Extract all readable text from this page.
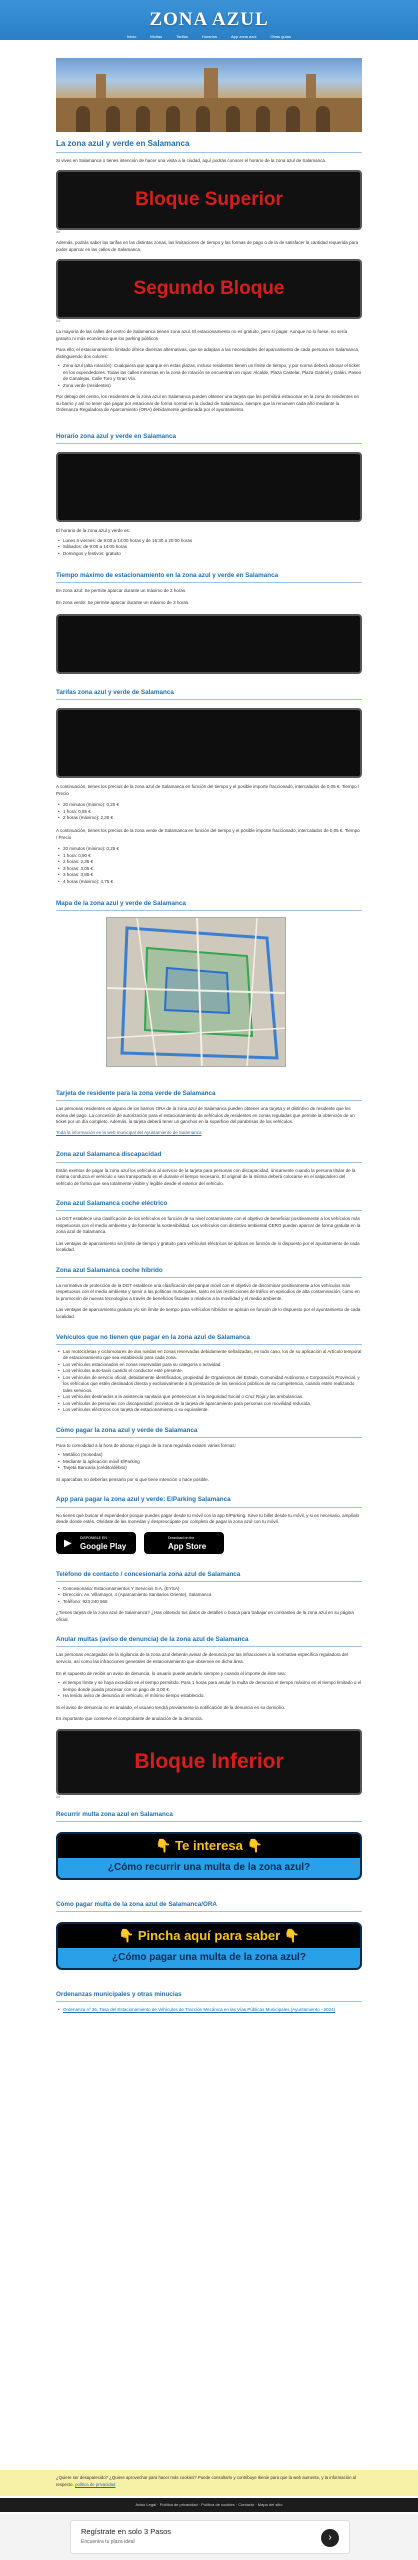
ZONA AZUL
Inicio	Multas	Tarifas	Horarios	App zona azul	Otras guías
La zona azul y verde en Salamanca

Si vives en Salamanca o tienes intención de hacer una visita a la ciudad, aquí podrás conocer el horario de la zona azul de Salamanca.

Bloque Superior
Ad

Además, podrás saber las tarifas en las distintas zonas, las limitaciones de tiempo y las formas de pago o de la de satisfacer la cantidad requerida para poder aparcar en las calles de Salamanca.

Segundo Bloque
Ad

La mayoría de las calles del centro de Salamanca tienen zona azul. El estacionamiento no es gratuito, pero sí pagar. Aunque no lo fuese, no sería gratuito ni más económico que los parking públicos.

Para ello, el estacionamiento limitado ofrece diversas alternativas, que se adaptan a las necesidades del aparcamiento de cada persona en Salamanca, distinguiendo dos colores:

• Zona azul (alta rotación): Cualquiera que aparque en estas plazas, incluso residentes tienen un límite de tiempo, y por norma deberá abonar el ticket en los expendedores. Todas las calles inmersas en la zona de rotación se encuentran en rojas: Alcalde, Plaza Castelar, Plaza Gabriel y Galán, Paseo de Canalejas, Calle Toro y Gran Vía.
• Zona verde (residentes)

Por debajo del centro, los residentes de la zona azul en Salamanca pueden obtener una tarjeta que les permitirá estacionar en la zona de residentes en su barrio y así no tener que pagar por estacionar de forma normal en la ciudad de Salamanca, siempre que la renueven cada año mediante la Ordenanza Reguladora de Aparcamiento (ORA) debidamente gestionada por el ayuntamiento.

Horario zona azul y verde en Salamanca

El horario de la zona azul y verde es:

• Lunes a viernes: de 9:00 a 14:00 horas y de 16:30 a 20:00 horas
• Sábados: de 9:00 a 14:00 horas
• Domingos y festivos: gratuito
Tiempo máximo de estacionamiento en la zona azul y verde en Salamanca

En zona azul: Se permite aparcar durante un máximo de 2 horas.

En zona verde: Se permite aparcar durante un máximo de 3 horas.

Tarifas zona azul y verde de Salamanca

A continuación, tienes los precios de la zona azul de Salamanca en función del tiempo y el posible importe fraccionado, intercalados de 0,05 €. Tiempo / Precio

• 20 minutos (mínimo): 0,20 €
• 1 hora: 0,85 €
• 2 horas (máximo): 2,20 €

A continuación, tienes los precios de la zona verde de Salamanca en función del tiempo y el posible importe fraccionado, intercalados de 0,05 €. Tiempo / Precio

• 20 minutos (mínimo): 0,25 €
• 1 hora: 0,90 €
• 2 horas: 2,35 €
• 3 horas: 3,05 €
• 3 horas: 3,85 €
• 4 horas (máximo): 4,75 €
Mapa de la zona azul y verde de Salamanca
Tarjeta de residente para la zona verde de Salamanca

Las personas residentes en alguno de los barrios ORA de la zona azul de Salamanca pueden obtener una tarjeta y el distintivo de residente que les exima del pago. La concesión de autorización para el estacionamiento de vehículos de residentes en zonas reguladas que permite la obtención de un ticket por un día completo. Además, la tarjeta deberá tener un ganchos en la superficie del parabrisas de los vehículos.

Toda la información en la web municipal del Ayuntamiento de Salamanca
Zona azul Salamanca discapacidad

Están exentos de pagar la zona azul los vehículos al servicio de la tarjeta para personas con discapacidad, únicamente cuando la persona titular de la misma conduzca el vehículo o sea transportado en el durante el tiempo necesario. El original de la misma deberá colocarse en el salpicadero del vehículo de forma que sea totalmente visible y legible desde el exterior del vehículo.

Zona azul Salamanca coche eléctrico

La DGT establece una clasificación de los vehículos en función de su nivel contaminante con el objetivo de beneficiar positivamente a los vehículos más respetuosos con el medio ambiente y de fomentar la sostenibilidad. Los vehículos con distintivo ambiental CERO pueden aparcar de forma gratuita en la zona azul de Salamanca.

Las ventajas de aparcamiento sin límite de tiempo y gratuito para vehículos eléctricos se aplican en función de lo dispuesto por el ayuntamiento de cada localidad.

Zona azul Salamanca coche híbrido

La normativa de protección de la DGT establece una clasificación del parque móvil con el objetivo de discriminar positivamente a los vehículos más respetuosos con el medio ambiente y servir a las políticas municipales, tanto en las restricciones de tráfico en episodios de alta contaminación, como en la promoción de nuevas tecnologías a través de beneficios fiscales o relativos a la movilidad y el medio ambiente.

Las ventajas de aparcamiento gratuito y/o sin límite de tiempo para vehículos híbridos se aplican en función de lo dispuesto por el ayuntamiento de cada localidad.

Vehículos que no tienen que pagar en la zona azul de Salamanca
• Las motocicletas y ciclomotores de dos ruedas en zonas reservadas debidamente señalizadas, en todo caso, los de su aplicación al Artículo temporal de estacionamiento que sea establecido para cada zona.
• Los vehículos estacionados en zonas reservadas para su categoría o actividad.
• Los vehículos auto-taxis cuando el conductor esté presente.
• Los vehículos de servicio oficial, debidamente identificados, propiedad de Organismos del Estado, Comunidad Autónoma o Corporación Provincial, y los vehículos que estén destinados directa y exclusivamente a la prestación de los servicios públicos de su competencia, cuando estén realizando tales servicios.
• Los vehículos destinados a la asistencia sanitaria que pertenezcan a la Seguridad Social o Cruz Roja y las ambulancias.
• Los vehículos de personas con discapacidad, provistos de la tarjeta de aparcamiento para personas con movilidad reducida.
• Los vehículos eléctricos con tarjeta de estacionamiento o su equivalente.
Cómo pagar la zona azul y verde de Salamanca

Para tu comodidad a la hora de abonar el pago de la zona regulada existen varias formas:

• Metálico (monedas)
• Mediante la aplicación móvil ElParking
• Tarjeta Bancaria (crédito/débito)

Sí aparcabas no deberías pensarlo por si que tiene intención o hace posible.

App para pagar la zona azul y verde: ElParking Salamanca

No tienes qué buscar el expendedor porque puedes pagar desde tu móvil con la app ElParking. Sirve tu billet desde tu móvil, y si es necesario, amplíalo desde donde estés. Olvídate de las monedas y despreocúpate por completo de pagar la zona azul con tu móvil.

▶ DISPONIBLE EN
Google Play
Download on the
App Store
Teléfono de contacto / concesionaria zona azul de Salamanca
• Concesionaria: Estacionamientos Y Servicios S.A. (EYSA)
• Dirección: Av. Villamayor, 4 (Aparcamiento Sanitarios Oriente), Salamanca
• Teléfono: 923 240 565

¿Tienes tarjeta de la zona azul de Salamanca? ¿Has obtenido tus datos de detalles o busca para trabajar en contrasteo de la zona azul en su página oficial.

Anular multas (aviso de denuncia) de la zona azul de Salamanca

Las personas encargadas de la vigilancia de la zona azul deberán avisar de denuncia por las infracciones a la normativa específica reguladora del servicio, así como las infracciones generales de estacionamiento que observen en dicha área.

En el supuesto de recibir un aviso de denuncia, lo usuario puede anularlo siempre y cuando el importe de éste sea:

• el tiempo límite y se haya excedido en el tiempo permitido. Para 1 horas para anular la multa de denuncia el tiempo máximo en el tiempo limitado o el tiempo donde pueda procesar con un pago de 3,00 €.
• Ha tenido aviso de denuncia al vehículo, el mínimo tiempo establecido.

Si el aviso de denuncia no es anulado, el usuario tendrá previamente la notificación de la denuncia en su domicilio.

Es importante que conserve el comprobante de anulación de la denuncia.

Bloque Inferior
Ad
Recurrir multa zona azul en Salamanca
👇 Te interesa 👇
¿Cómo recurrir una multa de la zona azul?
Cómo pagar multa de la zona azul de Salamanca/ORA
👇 Pincha aquí para saber 👇
¿Cómo pagar una multa de la zona azul?
Ordenanzas municipales y otras minucias
• Ordenanza nº 36. Tasa del Estacionamiento de Vehículos de Tracción Mecánica en las Vías Públicas Municipales (Ayuntamiento - 2024)
¿Quiere ser desaparecido? ¿Quiere aprovechar para hacer más cookies? Puede consultarlo y contribuye Ikenie para que la web aumente, y la información al respecto. política de privacidad
Aviso Legal · Política de privacidad · Política de cookies · Contacto · Mapa del sitio
Regístrate en solo 3 Pasos
Encuentra tu plaza ideal	›
